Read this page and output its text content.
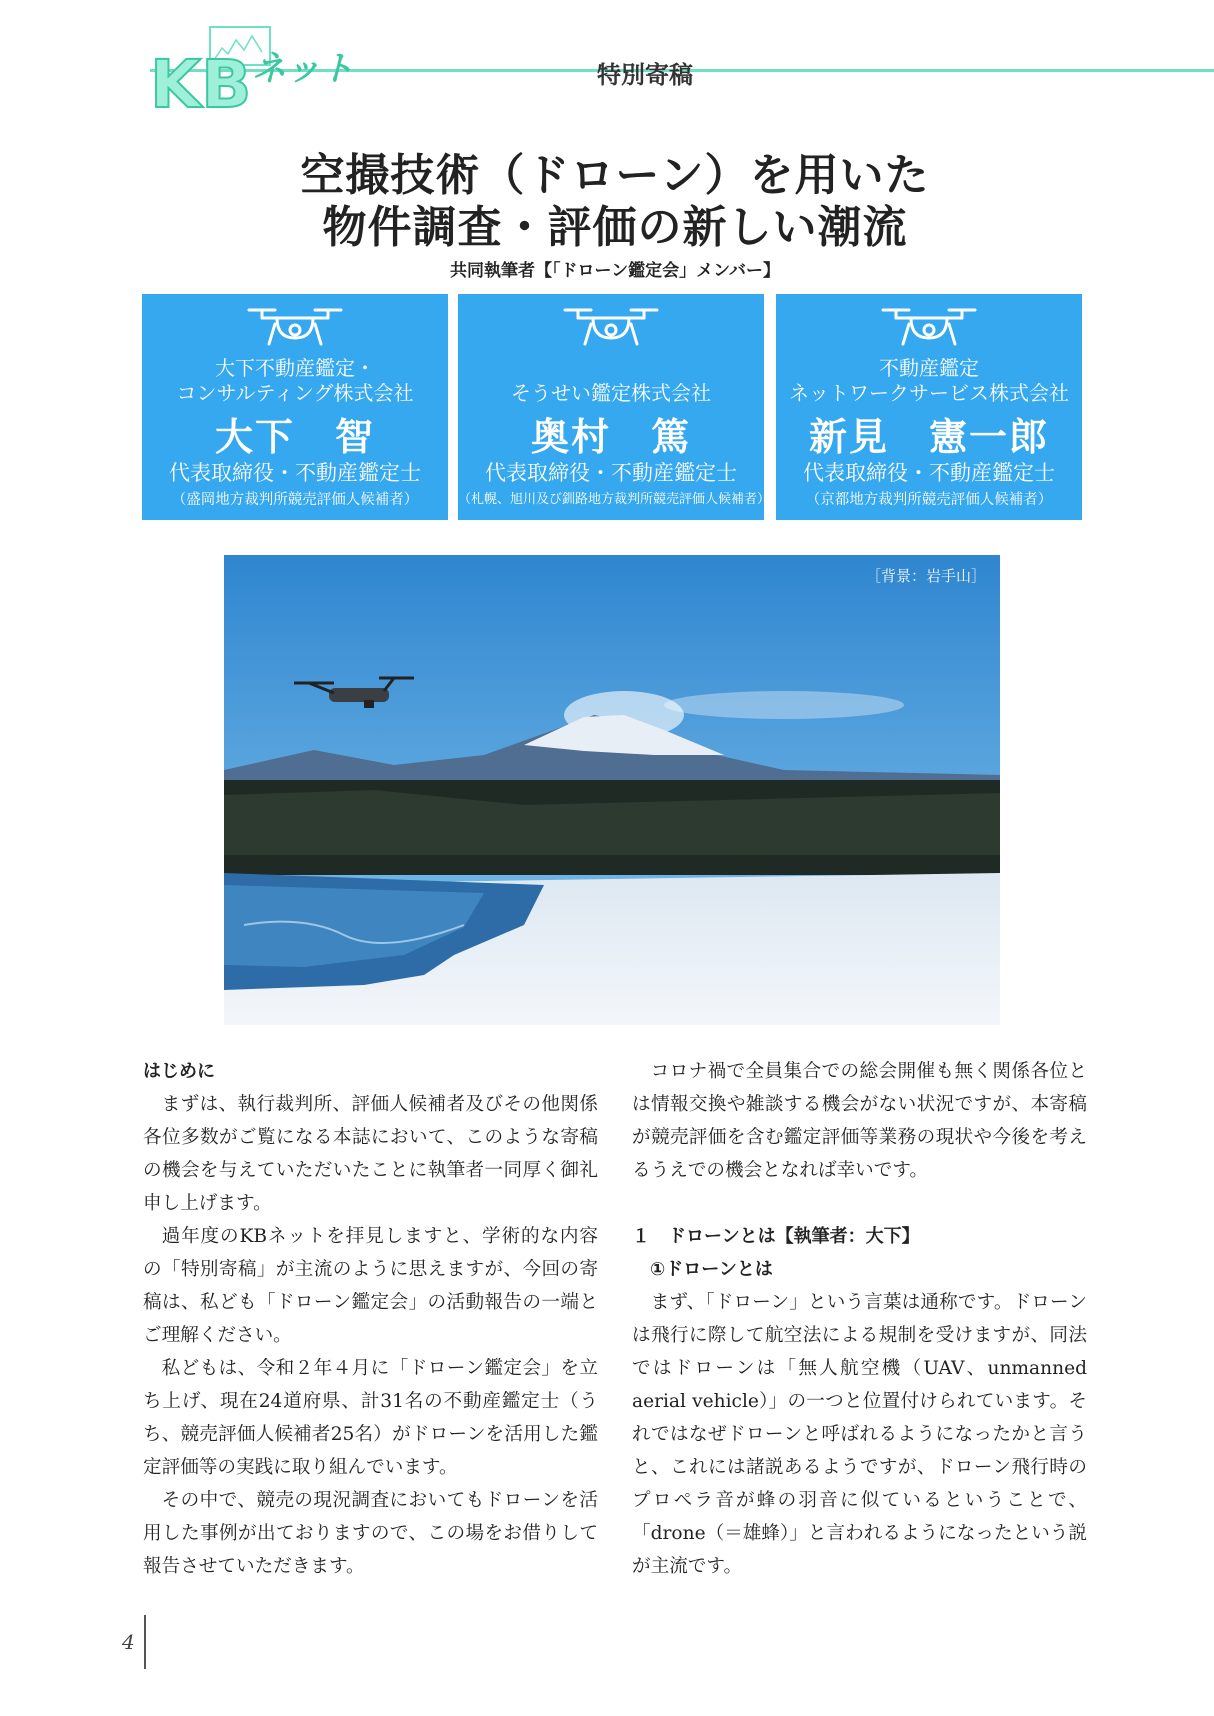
KB ネット	特別寄稿
空撮技術（ドローン）を用いた
物件調査・評価の新しい潮流
共同執筆者【「ドローン鑑定会」メンバー】
大下不動産鑑定・
コンサルティング株式会社
大下　智
代表取締役・不動産鑑定士
（盛岡地方裁判所競売評価人候補者）

そうせい鑑定株式会社
奥村　篤
代表取締役・不動産鑑定士
（札幌、旭川及び釧路地方裁判所競売評価人候補者）
不動産鑑定
ネットワークサービス株式会社
新見　憲一郎
代表取締役・不動産鑑定士
（京都地方裁判所競売評価人候補者）
［背景：岩手山］
はじめに

まずは、執行裁判所、評価人候補者及びその他関係各位多数がご覧になる本誌において、このような寄稿の機会を与えていただいたことに執筆者一同厚く御礼申し上げます。

過年度のKBネットを拝見しますと、学術的な内容の「特別寄稿」が主流のように思えますが、今回の寄稿は、私ども「ドローン鑑定会」の活動報告の一端とご理解ください。

私どもは、令和２年４月に「ドローン鑑定会」を立ち上げ、現在24道府県、計31名の不動産鑑定士（うち、競売評価人候補者25名）がドローンを活用した鑑定評価等の実践に取り組んでいます。

その中で、競売の現況調査においてもドローンを活用した事例が出ておりますので、この場をお借りして報告させていただきます。

コロナ禍で全員集合での総会開催も無く関係各位とは情報交換や雑談する機会がない状況ですが、本寄稿が競売評価を含む鑑定評価等業務の現状や今後を考えるうえでの機会となれば幸いです。

１　ドローンとは【執筆者：大下】
①ドローンとは

まず、「ドローン」という言葉は通称です。ドローンは飛行に際して航空法による規制を受けますが、同法ではドローンは「無人航空機（UAV、unmanned aerial vehicle）」の一つと位置付けられています。それではなぜドローンと呼ばれるようになったかと言うと、これには諸説あるようですが、ドローン飛行時のプロペラ音が蜂の羽音に似ているということで、「drone（＝雄蜂）」と言われるようになったという説が主流です。

4
